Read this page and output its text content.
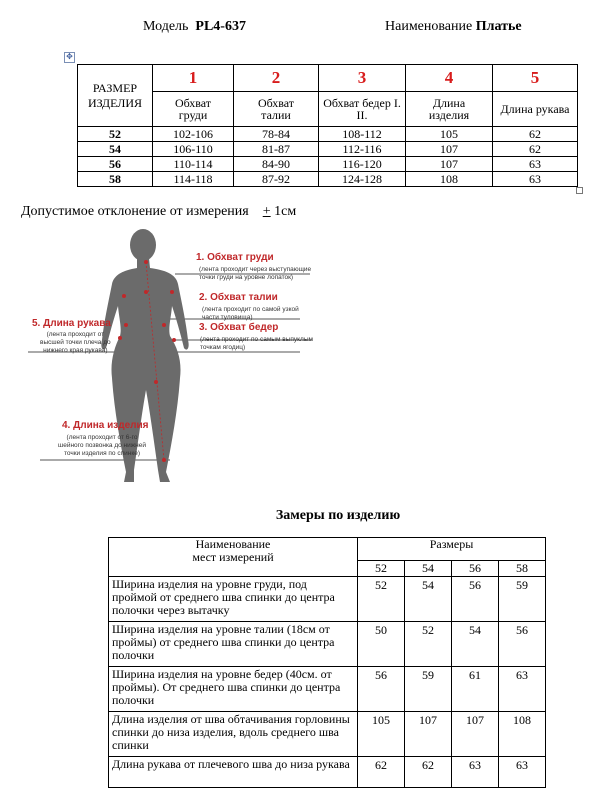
Модель PL4-637	Наименование Платье
✥
РАЗМЕР
ИЗДЕЛИЯ	1	2	3	4	5

	Обхват груди	Обхват талии	Обхват бедер I. II.	Длина изделия	Длина рукава

52	102-106	78-84	108-112	105	62
54	106-110	81-87	112-116	107	62
56	110-114	84-90	116-120	107	63
58	114-118	87-92	124-128	108	63
Допустимое отклонение от измерения + 1см
1. Обхват груди
(лента проходит через выступающие
точки груди на уровне лопаток)
2. Обхват талии
(лента проходит по самой узкой
части туловища)
3. Обхват бедер
(лента проходит по самым выпуклым
точкам ягодиц)
5. Длина рукава
(лента проходит от
высшей точки плеча до
нижнего края рукава)
4. Длина изделия
(лента проходит от 6-го
шейного позвонка до нижней
точки изделия по спинке)
Замеры по изделию
Наименование
мест измерений	Размеры			
	52	54	56	58
Ширина изделия на уровне груди, под проймой от среднего шва спинки до центра полочки через вытачку	52	54	56	59
Ширина изделия на уровне талии (18см от проймы) от среднего шва спинки до центра полочки	50	52	54	56
Ширина изделия на уровне бедер (40см. от проймы). От среднего шва спинки до центра полочки	56	59	61	63
Длина изделия от шва обтачивания горловины спинки до низа изделия, вдоль среднего шва спинки	105	107	107	108
Длина рукава от плечевого шва до низа рукава	62	62	63	63
